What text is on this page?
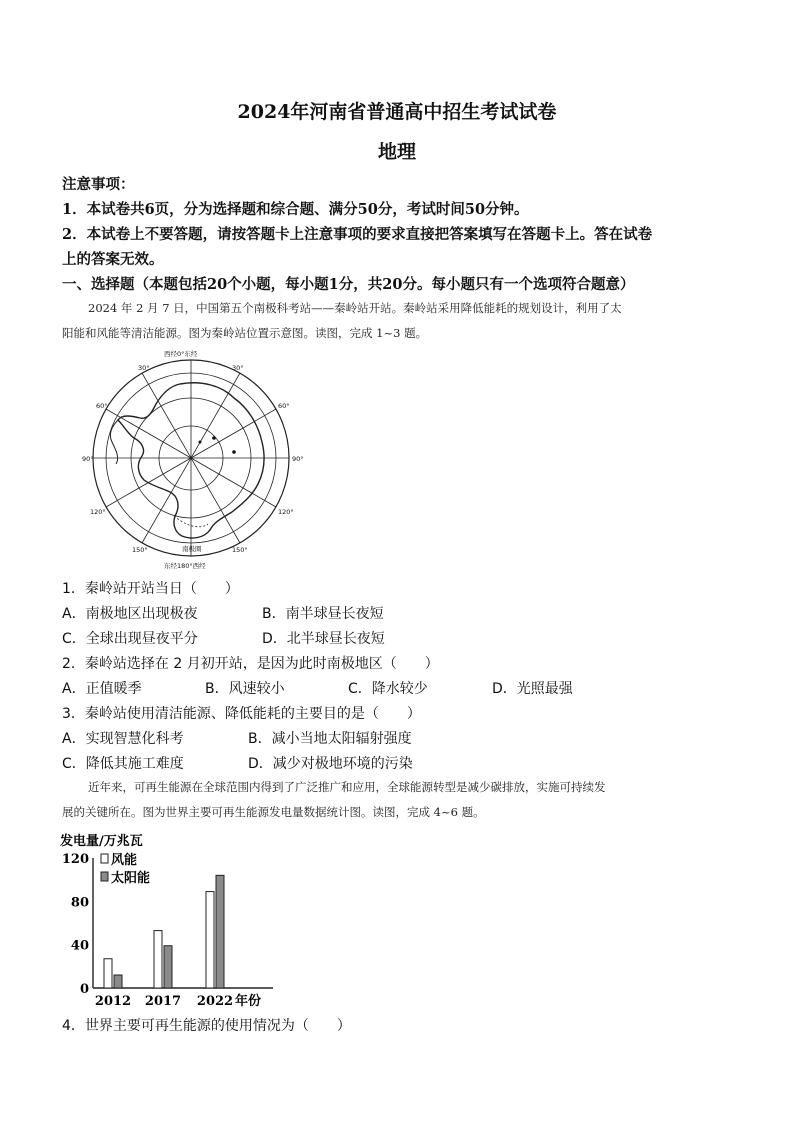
2024年河南省普通高中招生考试试卷
地理
注意事项：
1．本试卷共6页，分为选择题和综合题、满分50分，考试时间50分钟。
2．本试卷上不要答题，请按答题卡上注意事项的要求直接把答案填写在答题卡上。答在试卷
上的答案无效。
一、选择题（本题包括20个小题，每小题1分，共20分。每小题只有一个选项符合题意）
2024 年 2 月 7 日，中国第五个南极科考站——秦岭站开站。秦岭站采用降低能耗的规划设计，利用了太
阳能和风能等清洁能源。图为秦岭站位置示意图。读图，完成 1~3 题。
西经0°东经
东经180°西经
南极圈
30°	30°
60°
60°
90°	90°
120°	120°
150°	150°
1．秦岭站开站当日（　　）
A．南极地区出现极夜	B．南半球昼长夜短
C．全球出现昼夜平分	D．北半球昼长夜短
2．秦岭站选择在 2 月初开站，是因为此时南极地区（　　）
A．正值暖季	B．风速较小	C．降水较少	D．光照最强
3．秦岭站使用清洁能源、降低能耗的主要目的是（　　）
A．实现智慧化科考	B．减小当地太阳辐射强度
C．降低其施工难度	D．减少对极地环境的污染
近年来，可再生能源在全球范围内得到了广泛推广和应用，全球能源转型是减少碳排放，实施可持续发
展的关键所在。图为世界主要可再生能源发电量数据统计图。读图，完成 4~6 题。
发电量/万兆瓦
风能
太阳能
0
40
80
120
2012 2017 2022 年份
4．世界主要可再生能源的使用情况为（　　）
